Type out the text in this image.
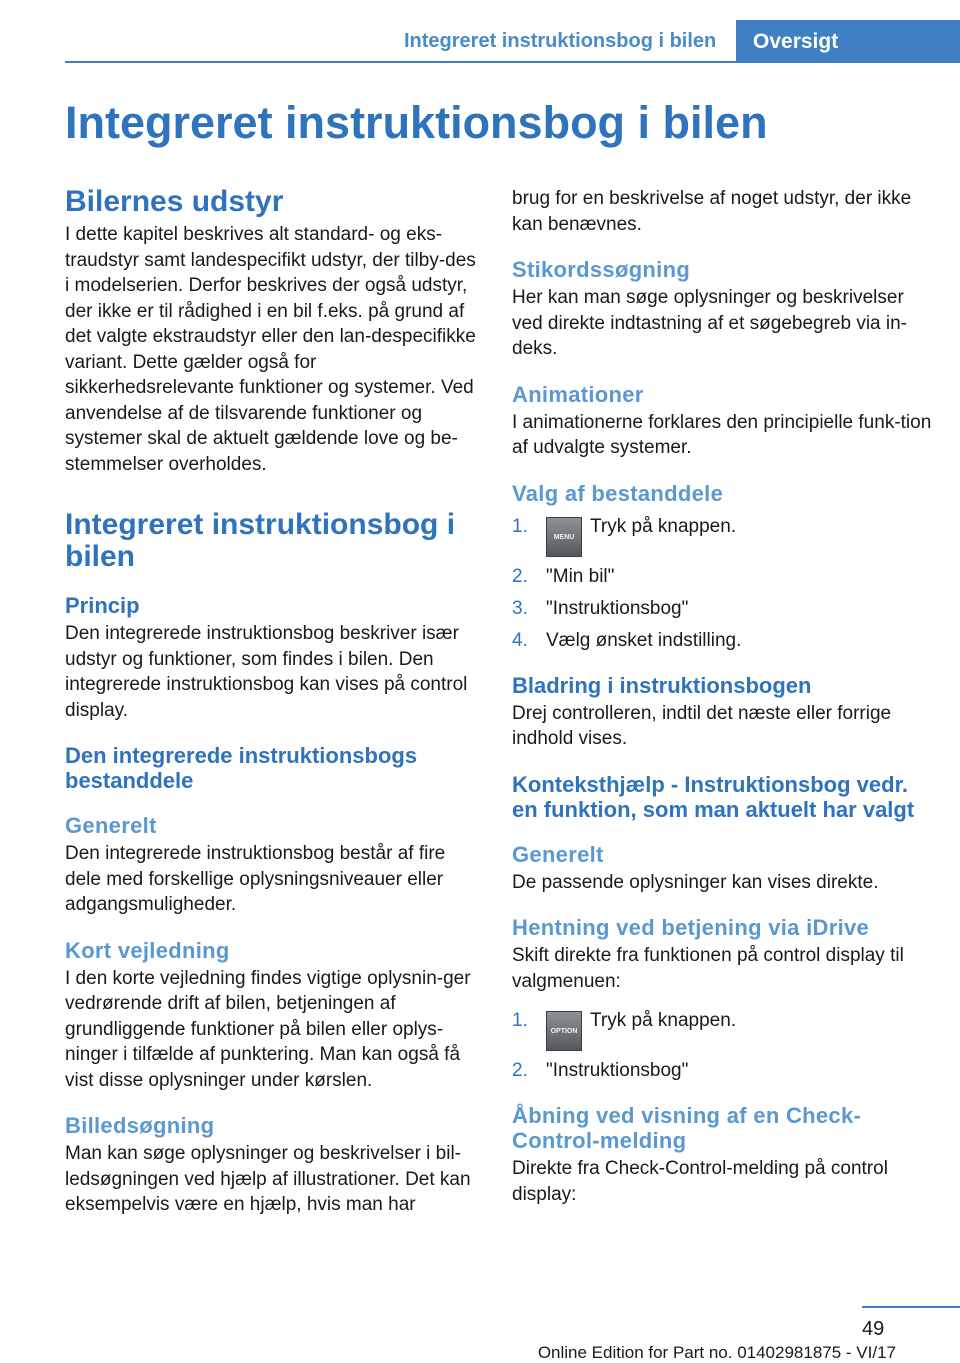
Integreret instruktionsbog i bilen	Oversigt
Integreret instruktionsbog i bilen
Bilernes udstyr

I dette kapitel beskrives alt standard- og eks-traudstyr samt landespecifikt udstyr, der tilby-des i modelserien. Derfor beskrives der også udstyr, der ikke er til rådighed i en bil f.eks. på grund af det valgte ekstraudstyr eller den lan-despecifikke variant. Dette gælder også for sikkerhedsrelevante funktioner og systemer. Ved anvendelse af de tilsvarende funktioner og systemer skal de aktuelt gældende love og be-stemmelser overholdes.

Integreret instruktionsbog i bilen
Princip

Den integrerede instruktionsbog beskriver især udstyr og funktioner, som findes i bilen. Den integrerede instruktionsbog kan vises på control display.

Den integrerede instruktionsbogs bestanddele
Generelt

Den integrerede instruktionsbog består af fire dele med forskellige oplysningsniveauer eller adgangsmuligheder.

Kort vejledning

I den korte vejledning findes vigtige oplysnin-ger vedrørende drift af bilen, betjeningen af grundliggende funktioner på bilen eller oplys-ninger i tilfælde af punktering. Man kan også få vist disse oplysninger under kørslen.

Billedsøgning

Man kan søge oplysninger og beskrivelser i bil-ledsøgningen ved hjælp af illustrationer. Det kan eksempelvis være en hjælp, hvis man har

brug for en beskrivelse af noget udstyr, der ikke kan benævnes.

Stikordssøgning

Her kan man søge oplysninger og beskrivelser ved direkte indtastning af et søgebegreb via in-deks.

Animationer

I animationerne forklares den principielle funk-tion af udvalgte systemer.

Valg af bestanddele
1.
MENUTryk på knappen.
2. "Min bil"
3. "Instruktionsbog"
4. Vælg ønsket indstilling.
Bladring i instruktionsbogen

Drej controlleren, indtil det næste eller forrige indhold vises.

Konteksthjælp - Instruktionsbog vedr. en funktion, som man aktuelt har valgt
Generelt

De passende oplysninger kan vises direkte.

Hentning ved betjening via iDrive

Skift direkte fra funktionen på control display til valgmenuen:

1.
OPTIONTryk på knappen.
2. "Instruktionsbog"
Åbning ved visning af en Check-Control-melding

Direkte fra Check-Control-melding på control display:

49
Online Edition for Part no. 01402981875 - VI/17
